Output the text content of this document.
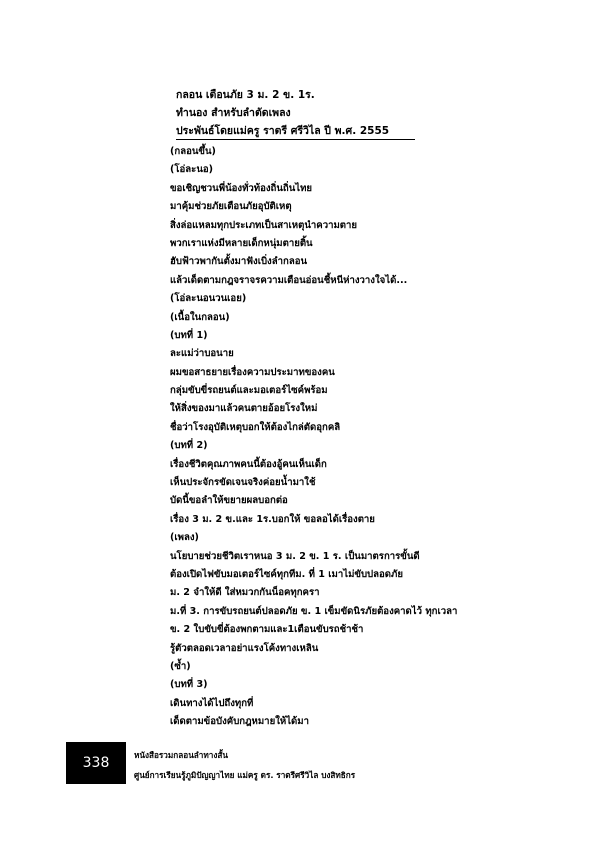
กลอน เตือนภัย 3 ม. 2 ข. 1ร.
ทำนอง สำหรับลำตัดเพลง
ประพันธ์โดยแม่ครู ราตรี ศรีวิไล ปี พ.ศ. 2555
(กลอนขึ้น)
(โอ่ละนอ)
ขอเชิญชวนพี่น้องทั่วท้องถิ่นถิ่นไทย
มาคุ้มช่วยภัยเตือนภัยอุบัติเหตุ
สิ่งล่อแหลมทุกประเภทเป็นสาเหตุนำความตาย
พวกเราแห่งมีหลายเด็กหนุ่มตายติ้น
ฮับฟ้าวพากันตั้งมาฟังเบิ่งลำกลอน
แล้วเด็ดตามกฎจราจรความเตือนอ่อนชี้หนีห่างวางใจได้...
(โอ่ละนอนวนเอย)
(เนื้อในกลอน)
(บทที่ 1)
ละแม่ว่าบอนาย
ผมขอสาธยายเรื่องความประมาทของคน
กลุ่มขับขี่รถยนต์และมอเตอร์ไซค์พร้อม
ให้สิ่งของมาแล้วคนตายอ้อยโรงใหม่
ชื่อว่าโรงอุบัติเหตุบอกให้ต้องไกล่ตัดอุกคลิ
(บทที่ 2)
เรื่องชีวิตคุณภาพคนนี้ต้องอู้คนเห็นเด็ก
เห็นประจักรขัดเจนจริงค่อยน้ำมาใช้
บัดนี้ขอลำให้ขยายผลบอกต่อ
เรื่อง 3 ม. 2 ข.และ 1ร.บอกให้ ขอลอได้เรื่องตาย
(เพลง)
นโยบายช่วยชีวิตเราหนอ 3 ม. 2 ข. 1 ร. เป็นมาตรการขั้นดี
ต้องเปิดไฟขับมอเตอร์ไซค์ทุกทีม. ที่ 1 เมาไม่ขับปลอดภัย
ม. 2 จำให้ดี ใส่หมวกกันน็อคทุกครา
ม.ที่ 3. การขับรถยนต์ปลอดภัย ข. 1 เข็มขัดนิรภัยต้องคาดไว้ ทุกเวลา
ข. 2 ใบขับขี่ต้องพกตามและ1เตือนขับรถช้าช้า
รู้ตัวตลอดเวลาอย่าแรงโค้งทางเหลิน
(ซ้ำ)
(บทที่ 3)
เดินทางได้ไปถึงทุกที่
เด็ดตามข้อบังคับกฎหมายให้ได้มา
338	หนังสือรวมกลอนลำทางสั้น
ศูนย์การเรียนรู้ภูมิปัญญาไทย แม่ครู ดร. ราตรีศรีวิไล บงสิทธิกร
